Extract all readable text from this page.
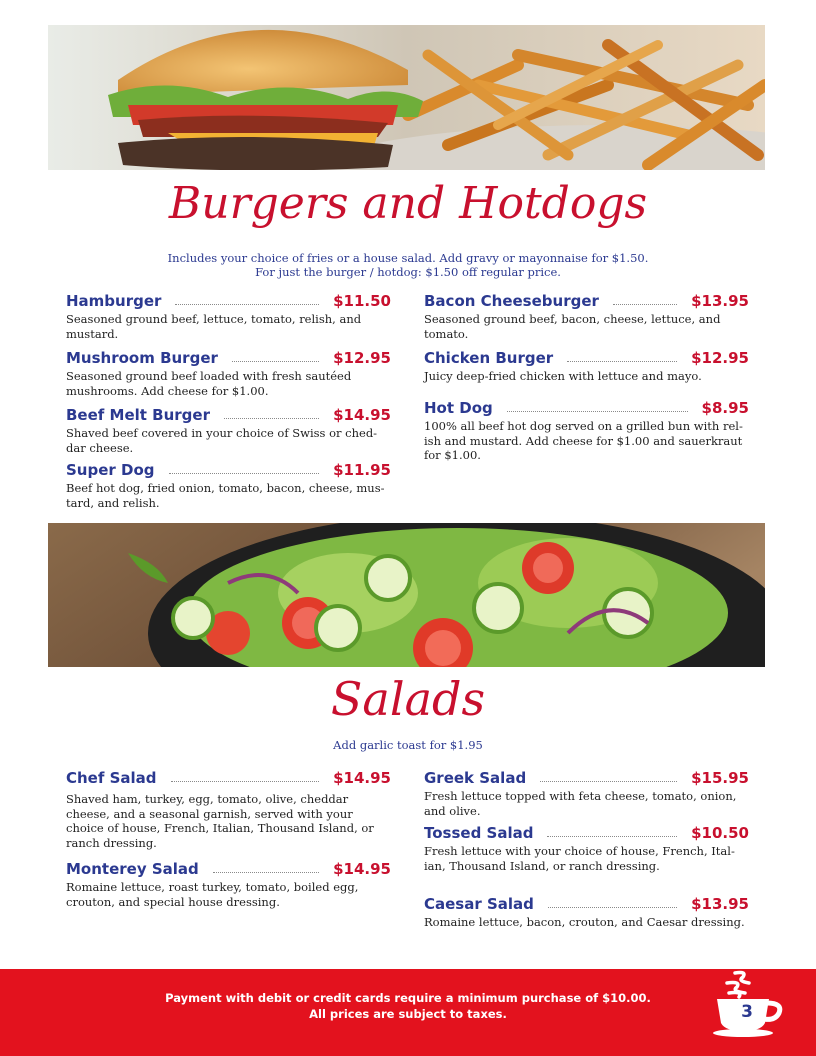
Burgers and Hotdogs
Includes your choice of fries or a house salad. Add gravy or mayonnaise for $1.50.
For just the burger / hotdog: $1.50 off regular price.
Hamburger	$11.50
Seasoned ground beef, lettuce, tomato, relish, and mustard.
Mushroom Burger	$12.95
Seasoned ground beef loaded with fresh sautéed mushrooms. Add cheese for $1.00.
Beef Melt Burger	$14.95
Shaved beef covered in your choice of Swiss or ched-dar cheese.
Super Dog	$11.95
Beef hot dog, fried onion, tomato, bacon, cheese, mus-tard, and relish.
Bacon Cheeseburger	$13.95
Seasoned ground beef, bacon, cheese, lettuce, and tomato.
Chicken Burger	$12.95
Juicy deep-fried chicken with lettuce and mayo.
Hot Dog	$8.95
100% all beef hot dog served on a grilled bun with rel-ish and mustard. Add cheese for $1.00 and sauerkraut for $1.00.
Salads
Add garlic toast for $1.95
Chef Salad	$14.95
Shaved ham, turkey, egg, tomato, olive, cheddar cheese, and a seasonal garnish, served with your choice of house, French, Italian, Thousand Island, or ranch dressing.
Monterey Salad	$14.95
Romaine lettuce, roast turkey, tomato, boiled egg, crouton, and special house dressing.
Greek Salad	$15.95
Fresh lettuce topped with feta cheese, tomato, onion, and olive.
Tossed Salad	$10.50
Fresh lettuce with your choice of house, French, Ital-ian, Thousand Island, or ranch dressing.
Caesar Salad	$13.95
Romaine lettuce, bacon, crouton, and Caesar dressing.
Payment with debit or credit cards require a minimum purchase of $10.00.
All prices are subject to taxes.	3
